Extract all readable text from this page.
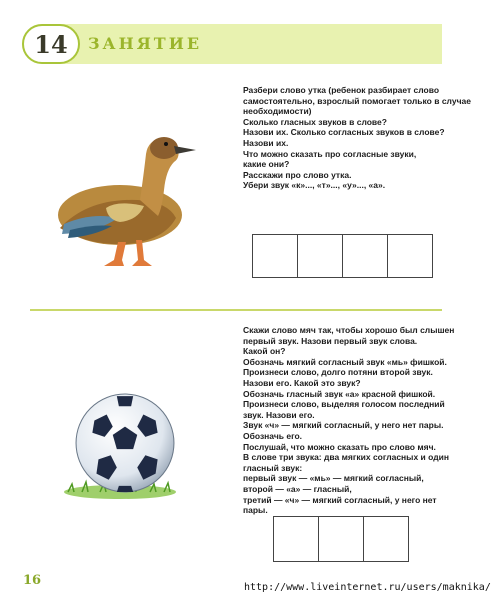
14	ЗАНЯТИЕ
Разбери слово утка (ребенок разбирает слово
самостоятельно, взрослый помогает только в случае
необходимости)
Сколько гласных звуков в слове?
Назови их. Сколько согласных звуков в слове?
Назови их.
Что можно сказать про согласные звуки,
какие они?
Расскажи про слово утка.
Убери звук «к»..., «т»..., «у»..., «а».
Скажи слово мяч так, чтобы хорошо был слышен
первый звук. Назови первый звук слова.
Какой он?
Обозначь мягкий согласный звук «мь» фишкой.
Произнеси слово, долго потяни второй звук.
Назови его. Какой это звук?
Обозначь гласный звук «а» красной фишкой.
Произнеси слово, выделяя голосом последний
звук. Назови его.
Звук «ч» — мягкий согласный, у него нет пары.
Обозначь его.
Послушай, что можно сказать про слово мяч.
В слове три звука: два мягких согласных и один
гласный звук:
первый звук — «мь» — мягкий согласный,
второй — «а» — гласный,
третий — «ч» — мягкий согласный, у него нет
пары.
16	http://www.liveinternet.ru/users/maknika/
